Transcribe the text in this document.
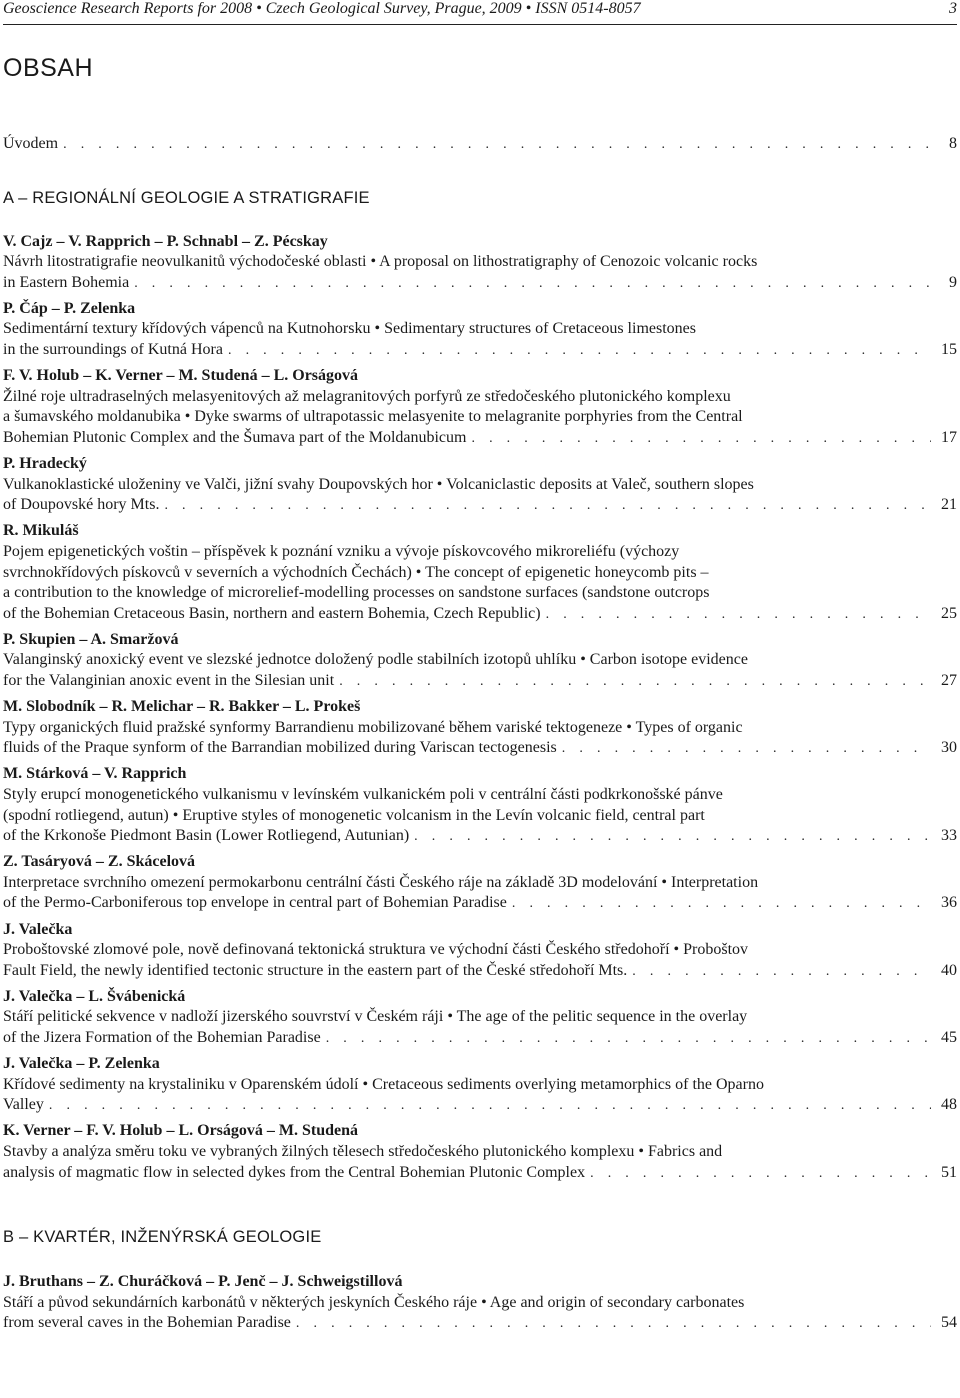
Geoscience Research Reports for 2008 • Czech Geological Survey, Prague, 2009 • ISSN 0514-8057	3
OBSAH
Úvodem . . .	8
A – REGIONÁLNÍ GEOLOGIE A STRATIGRAFIE
V. Cajz – V. Rapprich – P. Schnabl – Z. Pécskay
Návrh litostratigrafie neovulkanitů východočeské oblasti • A proposal on lithostratigraphy of Cenozoic volcanic rocks
in Eastern Bohemia . . .	9
P. Čáp – P. Zelenka
Sedimentární textury křídových vápenců na Kutnohorsku • Sedimentary structures of Cretaceous limestones
in the surroundings of Kutná Hora . . .	15
F. V. Holub – K. Verner – M. Studená – L. Orságová
Žilné roje ultradraselných melasyenitových až melagranitových porfyrů ze středočeského plutonického komplexu
a šumavského moldanubika • Dyke swarms of ultrapotassic melasyenite to melagranite porphyries from the Central
Bohemian Plutonic Complex and the Šumava part of the Moldanubicum . . .	17
P. Hradecký
Vulkanoklastické uloženiny ve Valči, jižní svahy Doupovských hor • Volcaniclastic deposits at Valeč, southern slopes
of Doupovské hory Mts. . . .	21
R. Mikuláš
Pojem epigenetických voštin – příspěvek k poznání vzniku a vývoje pískovcového mikroreliéfu (výchozy
svrchnokřídových pískovců v severních a východních Čechách) • The concept of epigenetic honeycomb pits –
a contribution to the knowledge of microrelief-modelling processes on sandstone surfaces (sandstone outcrops
of the Bohemian Cretaceous Basin, northern and eastern Bohemia, Czech Republic) . . .	25
P. Skupien – A. Smaržová
Valanginský anoxický event ve slezské jednotce doložený podle stabilních izotopů uhlíku • Carbon isotope evidence
for the Valanginian anoxic event in the Silesian unit . . .	27
M. Slobodník – R. Melichar – R. Bakker – L. Prokeš
Typy organických fluid pražské synformy Barrandienu mobilizované během variské tektogeneze • Types of organic
fluids of the Praque synform of the Barrandian mobilized during Variscan tectogenesis . . .	30
M. Stárková – V. Rapprich
Styly erupcí monogenetického vulkanismu v levínském vulkanickém poli v centrální části podkrkonošské pánve
(spodní rotliegend, autun) • Eruptive styles of monogenetic volcanism in the Levín volcanic field, central part
of the Krkonoše Piedmont Basin (Lower Rotliegend, Autunian) . . .	33
Z. Tasáryová – Z. Skácelová
Interpretace svrchního omezení permokarbonu centrální části Českého ráje na základě 3D modelování • Interpretation
of the Permo-Carboniferous top envelope in central part of Bohemian Paradise . . .	36
J. Valečka
Proboštovské zlomové pole, nově definovaná tektonická struktura ve východní části Českého středohoří • Proboštov
Fault Field, the newly identified tectonic structure in the eastern part of the České středohoří Mts. . . .	40
J. Valečka – L. Švábenická
Stáří pelitické sekvence v nadloží jizerského souvrství v Českém ráji • The age of the pelitic sequence in the overlay
of the Jizera Formation of the Bohemian Paradise . . .	45
J. Valečka – P. Zelenka
Křídové sedimenty na krystaliniku v Oparenském údolí • Cretaceous sediments overlying metamorphics of the Oparno
Valley . . .	48
K. Verner – F. V. Holub – L. Orságová – M. Studená
Stavby a analýza směru toku ve vybraných žilných tělesech středočeského plutonického komplexu • Fabrics and
analysis of magmatic flow in selected dykes from the Central Bohemian Plutonic Complex . . .	51
B – KVARTÉR, INŽENÝRSKÁ GEOLOGIE
J. Bruthans – Z. Churáčková – P. Jenč – J. Schweigstillová
Stáří a původ sekundárních karbonátů v některých jeskyních Českého ráje • Age and origin of secondary carbonates
from several caves in the Bohemian Paradise . . .	54
